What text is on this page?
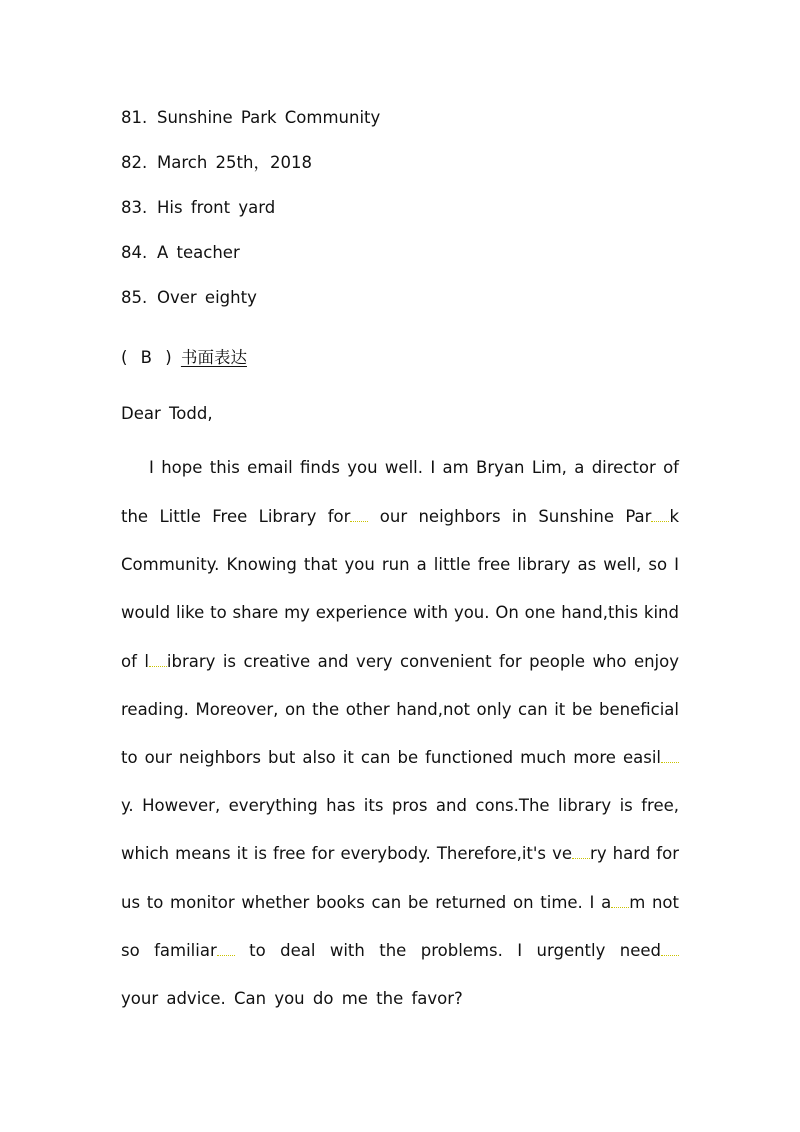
81. Sunshine Park Community
82. March 25th，2018
83. His front yard
84. A teacher
85. Over eighty
( B ) 书面表达
Dear Todd,
I hope this email finds you well. I am Bryan Lim, a director of
the Little Free Library for our neighbors in Sunshine Par k
Community. Knowing that you run a little free library as well, so I
would like to share my experience with you. On one hand,this kind
of l ibrary is creative and very convenient for people who enjoy
reading. Moreover, on the other hand,not only can it be beneficial
to our neighbors but also it can be functioned much more easil
y. However, everything has its pros and cons.The library is free,
which means it is free for everybody. Therefore,it's ve ry hard for
us to monitor whether books can be returned on time. I a m not
so familiar to deal with the problems. I urgently need
your advice. Can you do me the favor?
